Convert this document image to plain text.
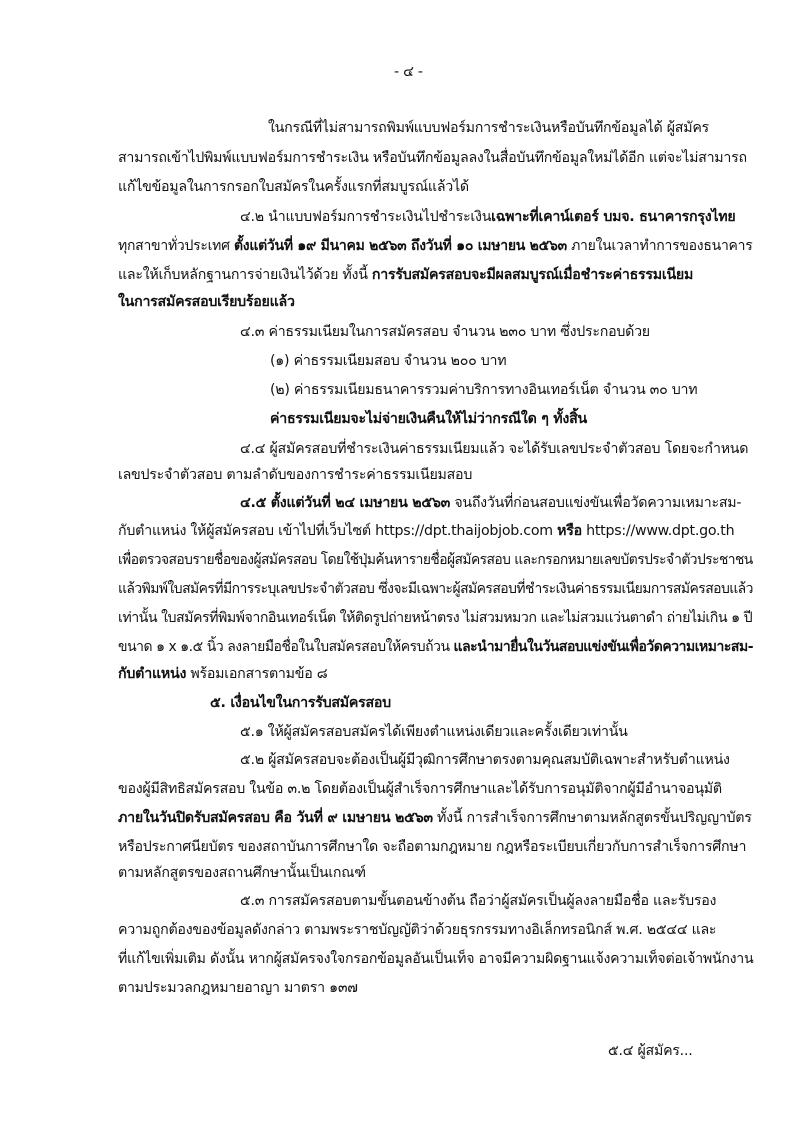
- ๔ -
ในกรณีที่ไม่สามารถพิมพ์แบบฟอร์มการชำระเงินหรือบันทึกข้อมูลได้ ผู้สมัคร
สามารถเข้าไปพิมพ์แบบฟอร์มการชำระเงิน หรือบันทึกข้อมูลลงในสื่อบันทึกข้อมูลใหม่ได้อีก แต่จะไม่สามารถ
แก้ไขข้อมูลในการกรอกใบสมัครในครั้งแรกที่สมบูรณ์แล้วได้
๔.๒ นำแบบฟอร์มการชำระเงินไปชำระเงินเฉพาะที่เคาน์เตอร์ บมจ. ธนาคารกรุงไทย
ทุกสาขาทั่วประเทศ ตั้งแต่วันที่ ๑๙ มีนาคม ๒๕๖๓ ถึงวันที่ ๑๐ เมษายน ๒๕๖๓ ภายในเวลาทำการของธนาคาร
และให้เก็บหลักฐานการจ่ายเงินไว้ด้วย ทั้งนี้ การรับสมัครสอบจะมีผลสมบูรณ์เมื่อชำระค่าธรรมเนียม
ในการสมัครสอบเรียบร้อยแล้ว
๔.๓ ค่าธรรมเนียมในการสมัครสอบ จำนวน ๒๓๐ บาท ซึ่งประกอบด้วย
(๑) ค่าธรรมเนียมสอบ จำนวน ๒๐๐ บาท
(๒) ค่าธรรมเนียมธนาคารรวมค่าบริการทางอินเทอร์เน็ต จำนวน ๓๐ บาท
ค่าธรรมเนียมจะไม่จ่ายเงินคืนให้ไม่ว่ากรณีใด ๆ ทั้งสิ้น
๔.๔ ผู้สมัครสอบที่ชำระเงินค่าธรรมเนียมแล้ว จะได้รับเลขประจำตัวสอบ โดยจะกำหนด
เลขประจำตัวสอบ ตามลำดับของการชำระค่าธรรมเนียมสอบ
๔.๕ ตั้งแต่วันที่ ๒๔ เมษายน ๒๕๖๓ จนถึงวันที่ก่อนสอบแข่งขันเพื่อวัดความเหมาะสม-
กับตำแหน่ง ให้ผู้สมัครสอบ เข้าไปที่เว็บไซต์ https://dpt.thaijobjob.com หรือ https://www.dpt.go.th
เพื่อตรวจสอบรายชื่อของผู้สมัครสอบ โดยใช้ปุ่มค้นหารายชื่อผู้สมัครสอบ และกรอกหมายเลขบัตรประจำตัวประชาชน
แล้วพิมพ์ใบสมัครที่มีการระบุเลขประจำตัวสอบ ซึ่งจะมีเฉพาะผู้สมัครสอบที่ชำระเงินค่าธรรมเนียมการสมัครสอบแล้ว
เท่านั้น ใบสมัครที่พิมพ์จากอินเทอร์เน็ต ให้ติดรูปถ่ายหน้าตรง ไม่สวมหมวก และไม่สวมแว่นตาดำ ถ่ายไม่เกิน ๑ ปี
ขนาด ๑ x ๑.๕ นิ้ว ลงลายมือชื่อในใบสมัครสอบให้ครบถ้วน และนำมายื่นในวันสอบแข่งขันเพื่อวัดความเหมาะสม-
กับตำแหน่ง พร้อมเอกสารตามข้อ ๘
๕. เงื่อนไขในการรับสมัครสอบ
๕.๑ ให้ผู้สมัครสอบสมัครได้เพียงตำแหน่งเดียวและครั้งเดียวเท่านั้น
๕.๒ ผู้สมัครสอบจะต้องเป็นผู้มีวุฒิการศึกษาตรงตามคุณสมบัติเฉพาะสำหรับตำแหน่ง
ของผู้มีสิทธิสมัครสอบ ในข้อ ๓.๒ โดยต้องเป็นผู้สำเร็จการศึกษาและได้รับการอนุมัติจากผู้มีอำนาจอนุมัติ
ภายในวันปิดรับสมัครสอบ คือ วันที่ ๙ เมษายน ๒๕๖๓ ทั้งนี้ การสำเร็จการศึกษาตามหลักสูตรขั้นปริญญาบัตร
หรือประกาศนียบัตร ของสถาบันการศึกษาใด จะถือตามกฎหมาย กฎหรือระเบียบเกี่ยวกับการสำเร็จการศึกษา
ตามหลักสูตรของสถานศึกษานั้นเป็นเกณฑ์
๕.๓ การสมัครสอบตามขั้นตอนข้างต้น ถือว่าผู้สมัครเป็นผู้ลงลายมือชื่อ และรับรอง
ความถูกต้องของข้อมูลดังกล่าว ตามพระราชบัญญัติว่าด้วยธุรกรรมทางอิเล็กทรอนิกส์ พ.ศ. ๒๕๔๔ และ
ที่แก้ไขเพิ่มเติม ดังนั้น หากผู้สมัครจงใจกรอกข้อมูลอันเป็นเท็จ อาจมีความผิดฐานแจ้งความเท็จต่อเจ้าพนักงาน
ตามประมวลกฎหมายอาญา มาตรา ๑๓๗
๕.๔ ผู้สมัคร...
